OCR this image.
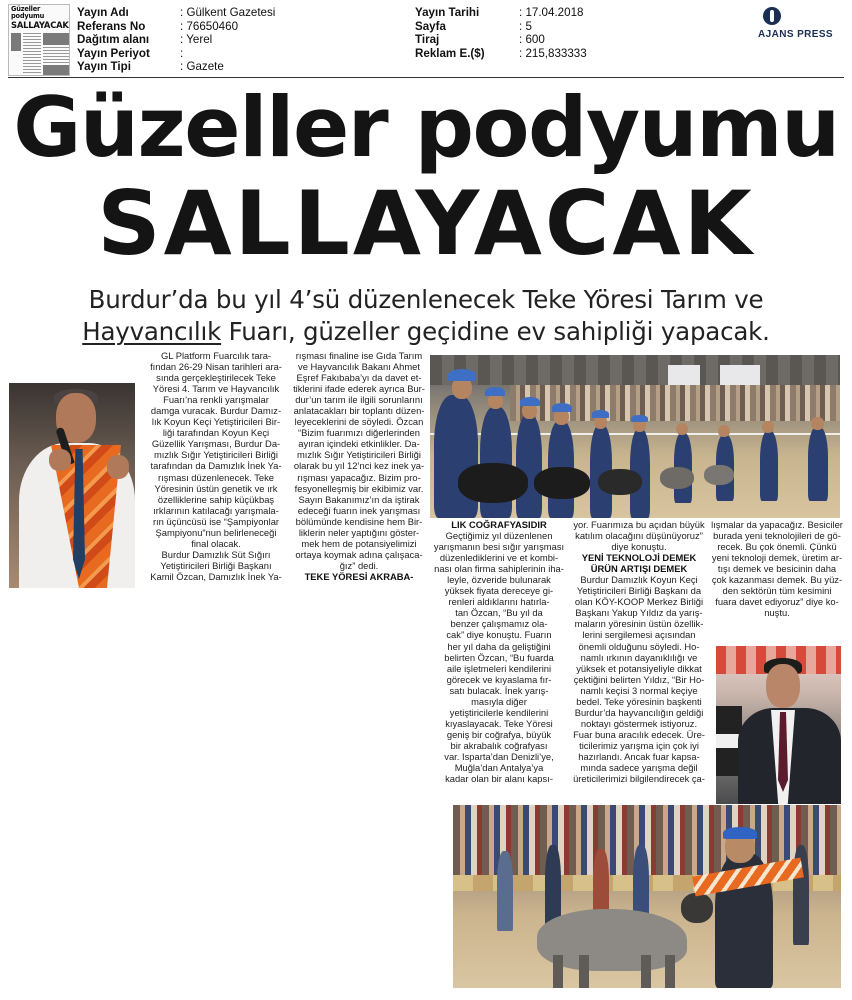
Güzeller podyumu
SALLAYACAK
Yayın Adı	: Gülkent Gazetesi
Referans No	: 76650460
Dağıtım alanı	: Yerel
Yayın Periyot	:
Yayın Tipi	: Gazete
Yayın Tarihi	: 17.04.2018
Sayfa	: 5
Tiraj	: 600
Reklam E.($)	: 215,833333
AJANS PRESS
Güzeller podyumu
SALLAYACAK
Burdur’da bu yıl 4’sü düzenlenecek Teke Yöresi Tarım ve
Hayvancılık Fuarı, güzeller geçidine ev sahipliği yapacak.

GL Platform Fuarcılık tara-

fından 26-29 Nisan tarihleri ara-

sında gerçekleştirilecek Teke

Yöresi 4. Tarım ve Hayvancılık

Fuarı’na renkli yarışmalar

damga vuracak. Burdur Damız-

lık Koyun Keçi Yetiştiricileri Bir-

liği tarafından Koyun Keçi

Güzellik Yarışması, Burdur Da-

mızlık Sığır Yetiştiricileri Birliği

tarafından da Damızlık İnek Ya-

rışması düzenlenecek. Teke

Yöresinin üstün genetik ve ırk

özelliklerine sahip küçükbaş

ırklarının katılacağı yarışmala-

rın üçüncüsü ise “Şampiyonlar

Şampiyonu”nun belirleneceği

final olacak.

Burdur Damızlık Süt Sığırı

Yetiştiricileri Birliği Başkanı

Kamil Özcan, Damızlık İnek Ya-

rışması finaline ise Gıda Tarım

ve Hayvancılık Bakanı Ahmet

Eşref Fakıbaba’yı da davet et-

tiklerini ifade ederek ayrıca Bur-

dur’un tarım ile ilgili sorunlarını

anlatacakları bir toplantı düzen-

leyeceklerini de söyledi. Özcan

“Bizim fuarımızı diğerlerinden

ayıran içindeki etkinlikler. Da-

mızlık Sığır Yetiştiricileri Birliği

olarak bu yıl 12’nci kez inek ya-

rışması yapacağız. Bizim pro-

fesyonelleşmiş bir ekibimiz var.

Sayın Bakanımız’ın da iştirak

edeceği fuarın inek yarışması

bölümünde kendisine hem Bir-

liklerin neler yaptığını göster-

mek hem de potansiyelimizi

ortaya koymak adına çalışaca-

ğız” dedi.

TEKE YÖRESİ AKRABA-

LIK COĞRAFYASIDIR

Geçtiğimiz yıl düzenlenen

yarışmanın besi sığır yarışması

düzenlediklerini ve et kombi-

nası olan firma sahiplerinin iha-

leyle, özveride bulunarak

yüksek fiyata dereceye gi-

renleri aldıklarını hatırla-

tan Özcan, “Bu yıl da

benzer çalışmamız ola-

cak” diye konuştu. Fuarın

her yıl daha da geliştiğini

belirten Özcan, “Bu fuarda

aile işletmeleri kendilerini

görecek ve kıyaslama fır-

satı bulacak. İnek yarış-

masıyla diğer

yetiştiricilerle kendilerini

kıyaslayacak. Teke Yöresi

geniş bir coğrafya, büyük

bir akrabalık coğrafyası

var. Isparta’dan Denizli’ye,

Muğla’dan Antalya’ya

kadar olan bir alanı kapsı-

yor. Fuarımıza bu açıdan büyük

katılım olacağını düşünüyoruz”

diye konuştu.

YENİ TEKNOLOJİ DEMEK

ÜRÜN ARTIŞI DEMEK

Burdur Damızlık Koyun Keçi

Yetiştiricileri Birliği Başkanı da

olan KÖY-KOOP Merkez Birliği

Başkanı Yakup Yıldız da yarış-

maların yöresinin üstün özellik-

lerini sergilemesi açısından

önemli olduğunu söyledi. Ho-

namlı ırkının dayanıklılığı ve

yüksek et potansiyeliyle dikkat

çektiğini belirten Yıldız, “Bir Ho-

namlı keçisi 3 normal keçiye

bedel. Teke yöresinin başkenti

Burdur’da hayvancılığın geldiği

noktayı göstermek istiyoruz.

Fuar buna aracılık edecek. Üre-

ticilerimiz yarışma için çok iyi

hazırlandı. Ancak fuar kapsa-

mında sadece yarışma değil

üreticilerimizi bilgilendirecek ça-

lışmalar da yapacağız. Besiciler

burada yeni teknolojileri de gö-

recek. Bu çok önemli. Çünkü

yeni teknoloji demek, üretim ar-

tışı demek ve besicinin daha

çok kazanması demek. Bu yüz-

den sektörün tüm kesimini

fuara davet ediyoruz” diye ko-

nuştu.
